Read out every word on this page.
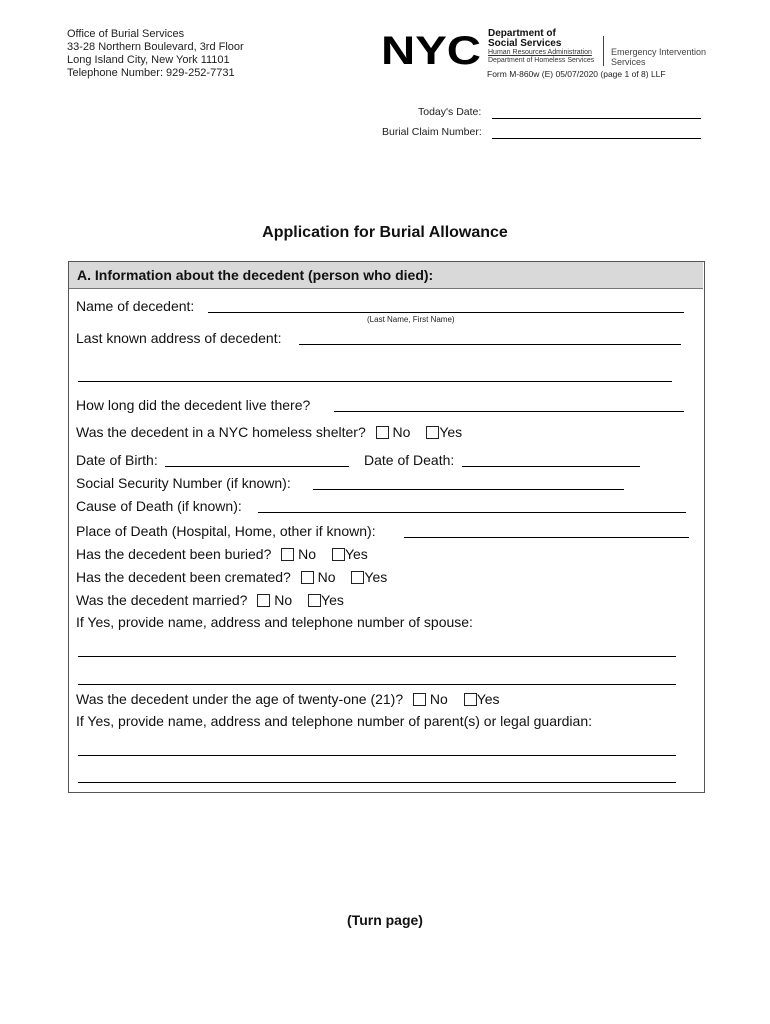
Office of Burial Services
33-28 Northern Boulevard, 3rd Floor
Long Island City, New York 11101
Telephone Number: 929-252-7731	NYC Department of
Social Services
Human Resources Administration
Department of Homeless Services
Emergency Intervention
Services
Form M-860w (E) 05/07/2020 (page 1 of 8) LLF
Today's Date:
Burial Claim Number:
Application for Burial Allowance
A. Information about the decedent (person who died):
Name of decedent:
(Last Name, First Name)
Last known address of decedent:
How long did the decedent live there?
Was the decedent in a NYC homeless shelter? No Yes
Date of Birth:	Date of Death:
Social Security Number (if known):
Cause of Death (if known):
Place of Death (Hospital, Home, other if known):
Has the decedent been buried? No Yes
Has the decedent been cremated? No Yes
Was the decedent married? No Yes
If Yes, provide name, address and telephone number of spouse:
Was the decedent under the age of twenty-one (21)? No Yes
If Yes, provide name, address and telephone number of parent(s) or legal guardian:
(Turn page)
